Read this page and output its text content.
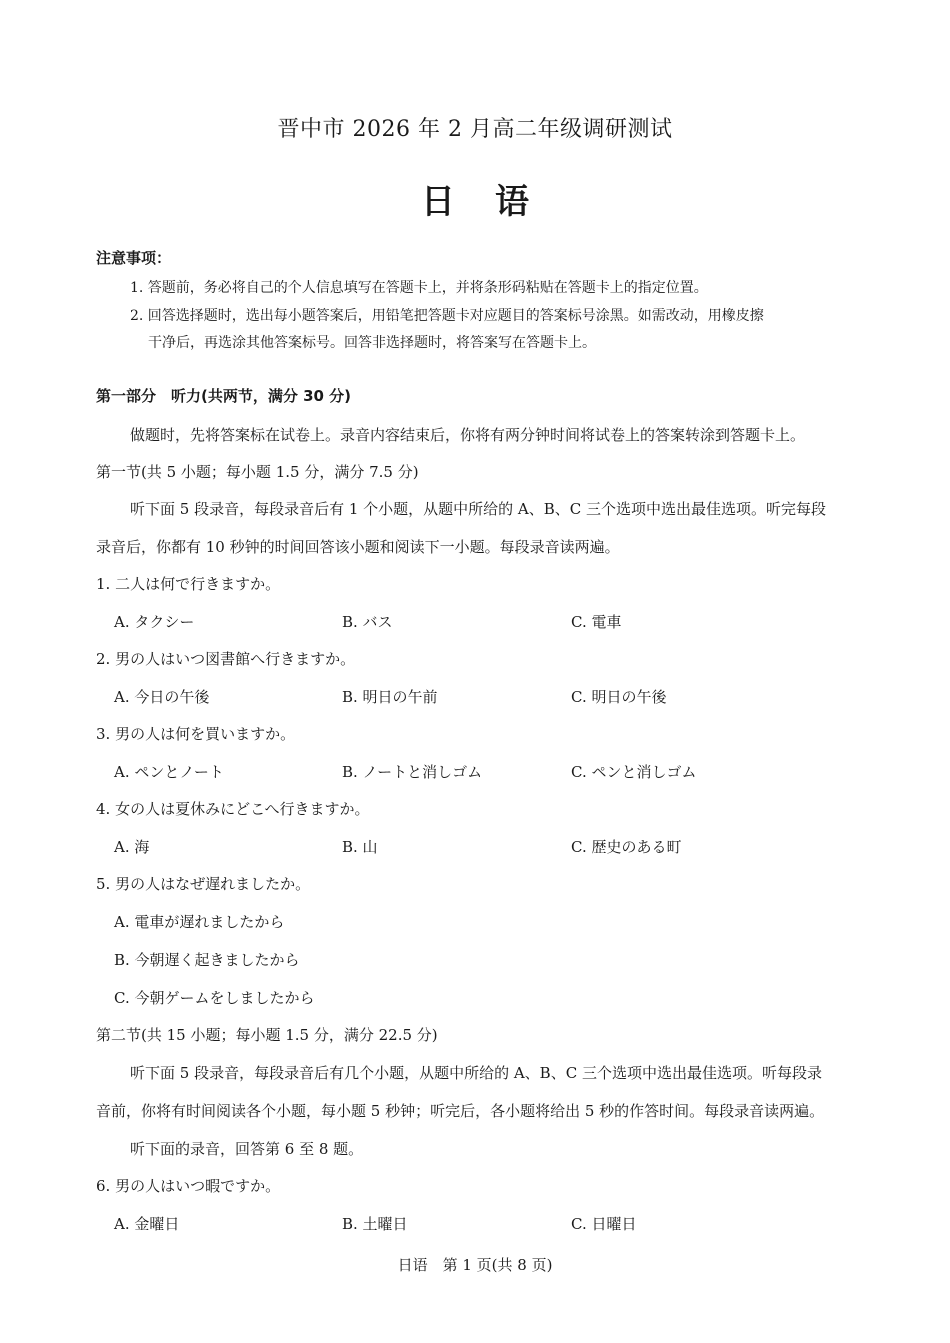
晋中市 2026 年 2 月高二年级调研测试
日语
注意事项：
1. 答题前，务必将自己的个人信息填写在答题卡上，并将条形码粘贴在答题卡上的指定位置。
2. 回答选择题时，选出每小题答案后，用铅笔把答题卡对应题目的答案标号涂黑。如需改动，用橡皮擦
干净后，再选涂其他答案标号。回答非选择题时，将答案写在答题卡上。
第一部分　听力(共两节，满分 30 分)
做题时，先将答案标在试卷上。录音内容结束后，你将有两分钟时间将试卷上的答案转涂到答题卡上。
第一节(共 5 小题；每小题 1.5 分，满分 7.5 分)
听下面 5 段录音，每段录音后有 1 个小题，从题中所给的 A、B、C 三个选项中选出最佳选项。听完每段
录音后，你都有 10 秒钟的时间回答该小题和阅读下一小题。每段录音读两遍。
1. 二人は何で行きますか。
A. タクシー	B. バス	C. 電車
2. 男の人はいつ図書館へ行きますか。
A. 今日の午後	B. 明日の午前	C. 明日の午後
3. 男の人は何を買いますか。
A. ペンとノート	B. ノートと消しゴム	C. ペンと消しゴム
4. 女の人は夏休みにどこへ行きますか。
A. 海	B. 山	C. 歴史のある町
5. 男の人はなぜ遅れましたか。
A. 電車が遅れましたから
B. 今朝遅く起きましたから
C. 今朝ゲームをしましたから
第二节(共 15 小题；每小题 1.5 分，满分 22.5 分)
听下面 5 段录音，每段录音后有几个小题，从题中所给的 A、B、C 三个选项中选出最佳选项。听每段录
音前，你将有时间阅读各个小题，每小题 5 秒钟；听完后，各小题将给出 5 秒的作答时间。每段录音读两遍。
听下面的录音，回答第 6 至 8 题。
6. 男の人はいつ暇ですか。
A. 金曜日	B. 土曜日	C. 日曜日
日语　第 1 页(共 8 页)
